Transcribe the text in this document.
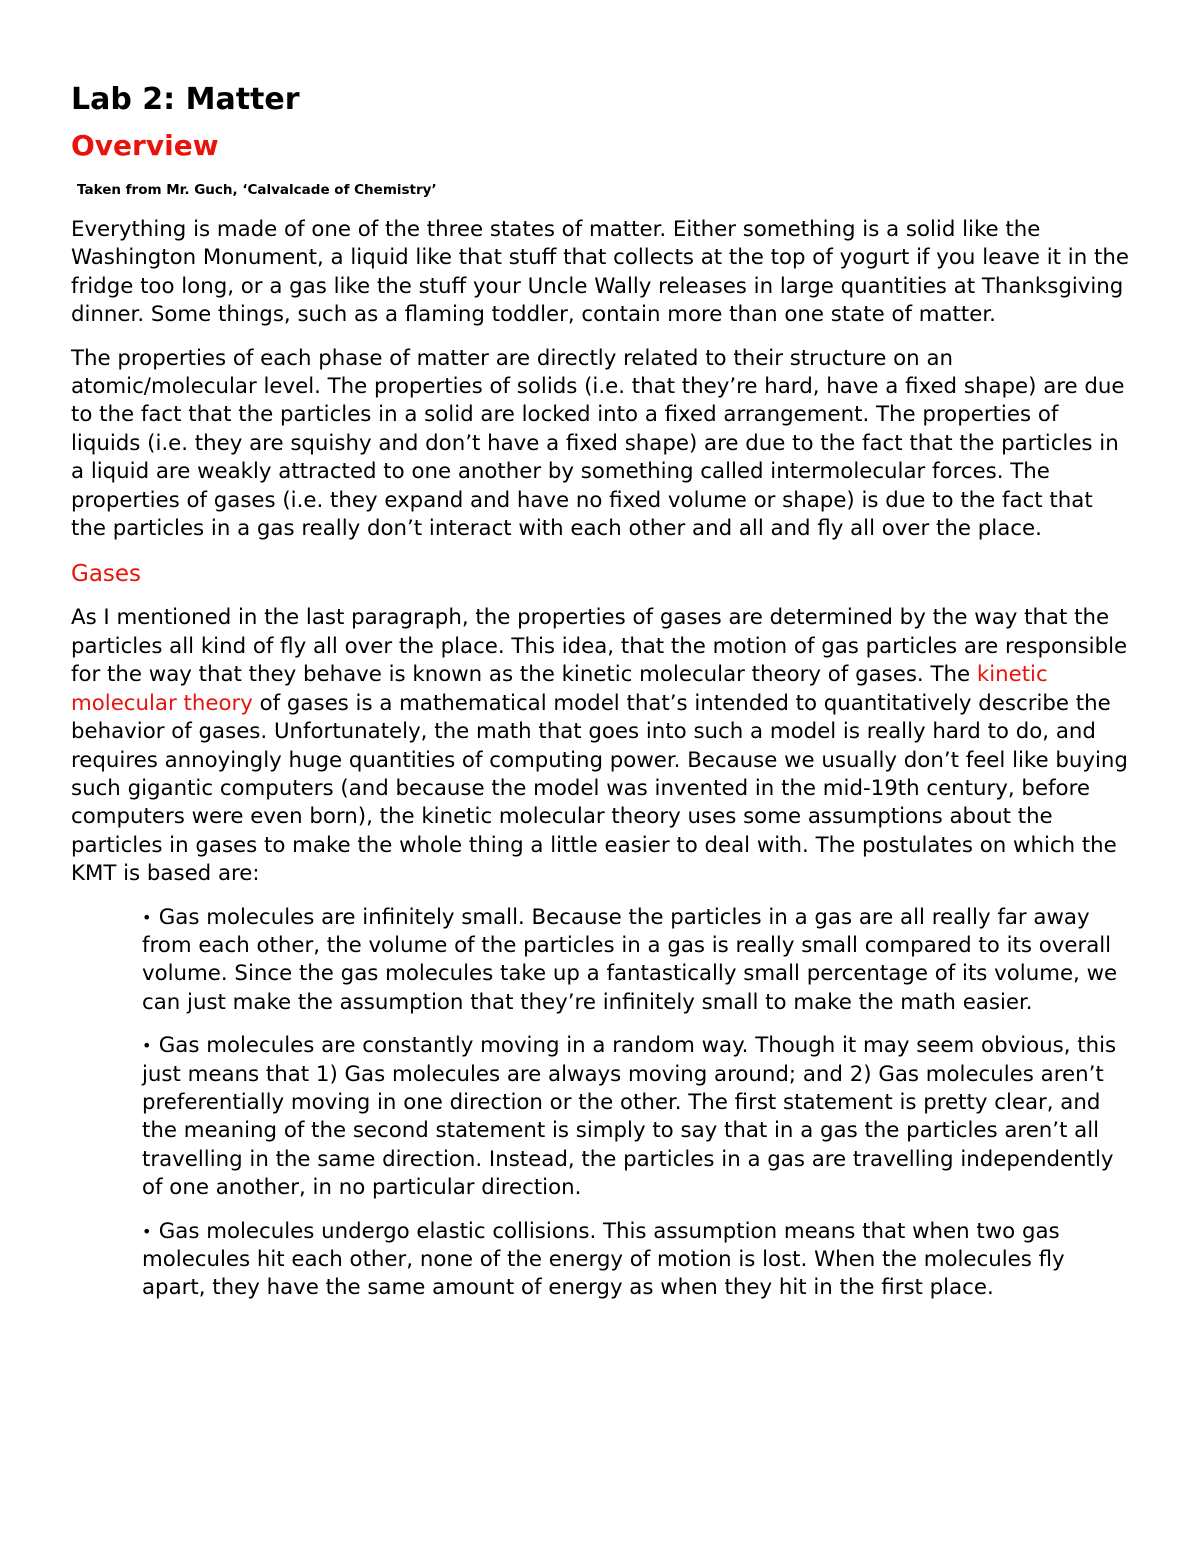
Lab 2: Matter
Overview

Taken from Mr. Guch, ‘Calvalcade of Chemistry’

Everything is made of one of the three states of matter. Either something is a solid like the Washington Monument, a liquid like that stuff that collects at the top of yogurt if you leave it in the fridge too long, or a gas like the stuff your Uncle Wally releases in large quantities at Thanksgiving dinner. Some things, such as a flaming toddler, contain more than one state of matter.

The properties of each phase of matter are directly related to their structure on an atomic/molecular level. The properties of solids (i.e. that they’re hard, have a fixed shape) are due to the fact that the particles in a solid are locked into a fixed arrangement. The properties of liquids (i.e. they are squishy and don’t have a fixed shape) are due to the fact that the particles in a liquid are weakly attracted to one another by something called intermolecular forces. The properties of gases (i.e. they expand and have no fixed volume or shape) is due to the fact that the particles in a gas really don’t interact with each other and all and fly all over the place.

Gases

As I mentioned in the last paragraph, the properties of gases are determined by the way that the particles all kind of fly all over the place. This idea, that the motion of gas particles are responsible for the way that they behave is known as the kinetic molecular theory of gases. The kinetic molecular theory of gases is a mathematical model that’s intended to quantitatively describe the behavior of gases. Unfortunately, the math that goes into such a model is really hard to do, and requires annoyingly huge quantities of computing power. Because we usually don’t feel like buying such gigantic computers (and because the model was invented in the mid-19th century, before computers were even born), the kinetic molecular theory uses some assumptions about the particles in gases to make the whole thing a little easier to deal with. The postulates on which the KMT is based are:

• Gas molecules are infinitely small. Because the particles in a gas are all really far away from each other, the volume of the particles in a gas is really small compared to its overall volume. Since the gas molecules take up a fantastically small percentage of its volume, we can just make the assumption that they’re infinitely small to make the math easier.
• Gas molecules are constantly moving in a random way. Though it may seem obvious, this just means that 1) Gas molecules are always moving around; and 2) Gas molecules aren’t preferentially moving in one direction or the other. The first statement is pretty clear, and the meaning of the second statement is simply to say that in a gas the particles aren’t all travelling in the same direction. Instead, the particles in a gas are travelling independently of one another, in no particular direction.
• Gas molecules undergo elastic collisions. This assumption means that when two gas molecules hit each other, none of the energy of motion is lost. When the molecules fly apart, they have the same amount of energy as when they hit in the first place.
